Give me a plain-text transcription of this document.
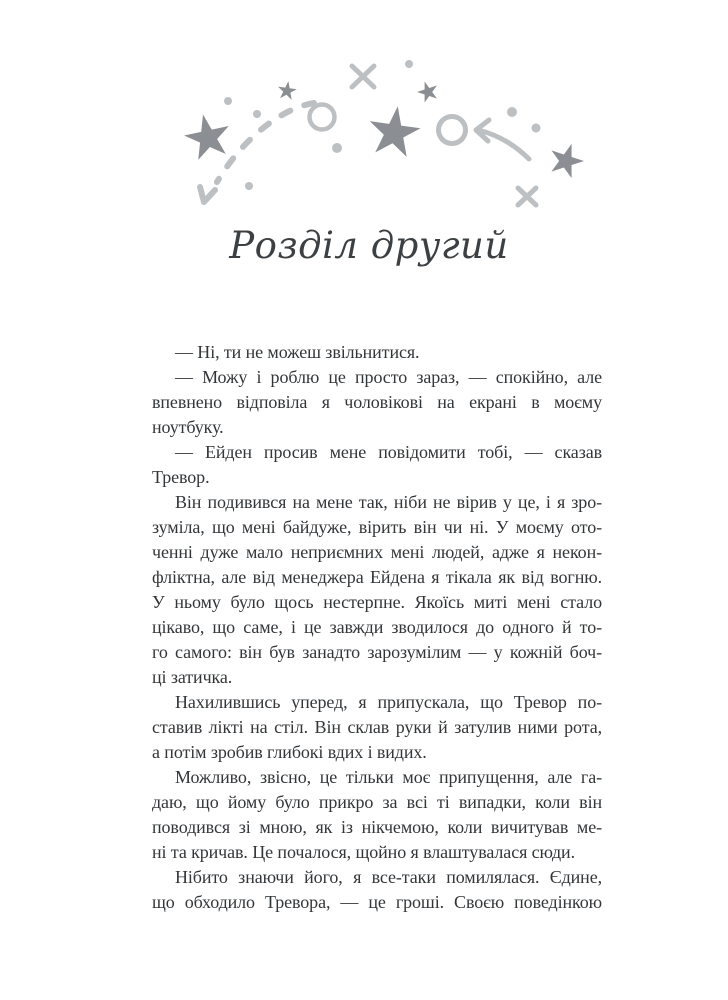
Розділ другий

— Ні, ти не можеш звільнитися.

— Можу і роблю це просто зараз, — спокійно, але
впевнено відповіла я чоловікові на екрані в моєму
ноутбуку.

— Ейден просив мене повідомити тобі, — сказав
Тревор.

Він подивився на мене так, ніби не вірив у це, і я зро-
зуміла, що мені байдуже, вірить він чи ні. У моєму ото-
ченні дуже мало неприємних мені людей, адже я некон-
фліктна, але від менеджера Ейдена я тікала як від вогню.
У ньому було щось нестерпне. Якоїсь миті мені стало
цікаво, що саме, і це завжди зводилося до одного й то-
го самого: він був занадто зарозумілим — у кожній боч-
ці затичка.

Нахилившись уперед, я припускала, що Тревор по-
ставив лікті на стіл. Він склав руки й затулив ними рота,
а потім зробив глибокі вдих і видих.

Можливо, звісно, це тільки моє припущення, але га-
даю, що йому було прикро за всі ті випадки, коли він
поводився зі мною, як із нікчемою, коли вичитував ме-
ні та кричав. Це почалося, щойно я влаштувалася сюди.

Нібито знаючи його, я все-таки помилялася. Єдине,
що обходило Тревора, — це гроші. Своєю поведінкою
